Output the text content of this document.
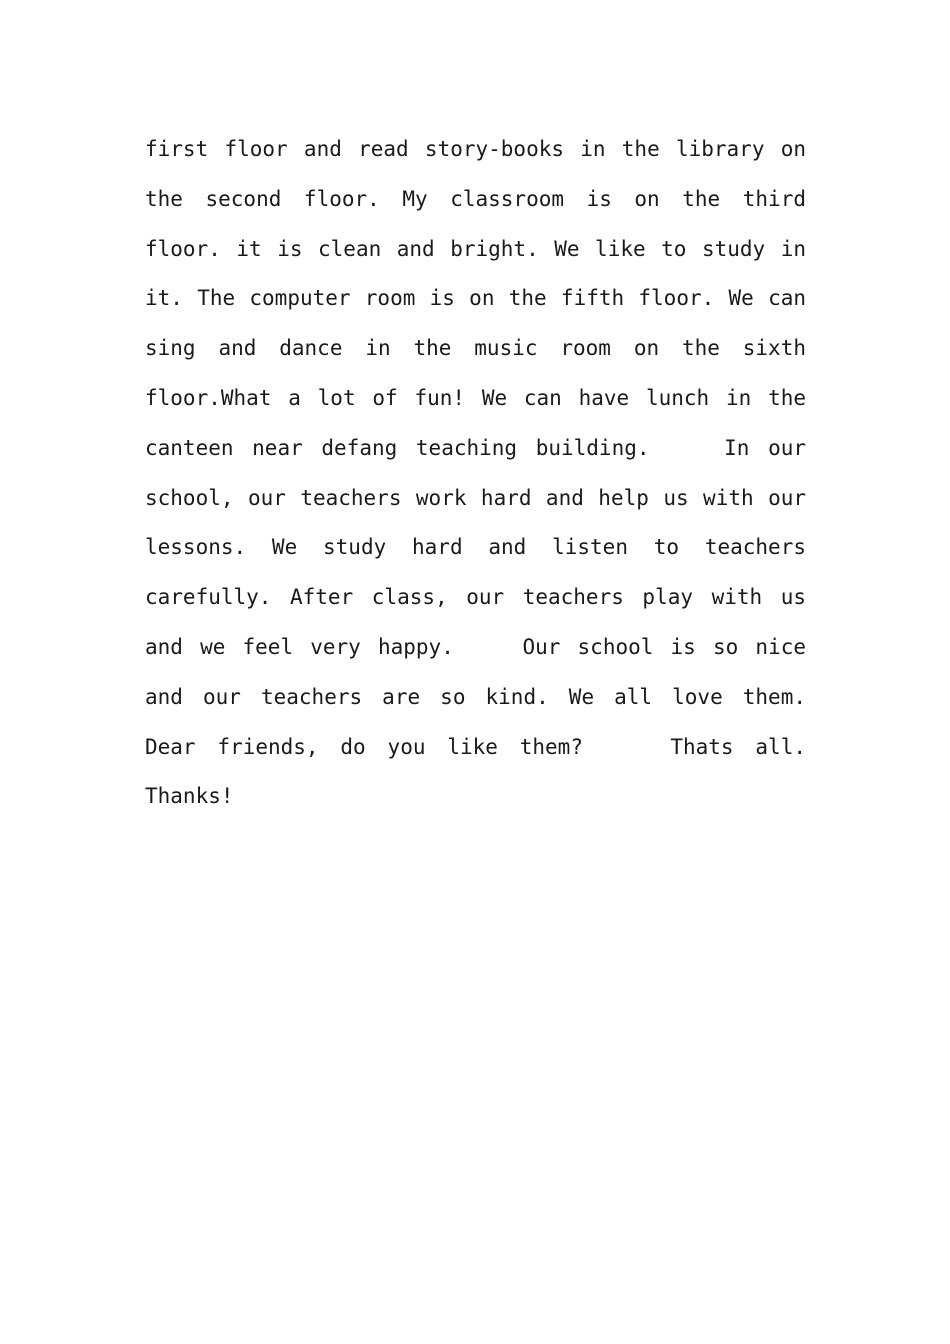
first floor and read story-books in the library on
the second floor. My classroom is on the third
floor. it is clean and bright. We like to study in
it. The computer room is on the fifth floor. We can
sing and dance in the music room on the sixth
floor.What a lot of fun! We can have lunch in the
canteen near defang teaching building.    In our
school, our teachers work hard and help us with our
lessons. We study hard and listen to teachers
carefully. After class, our teachers play with us
and we feel very happy.    Our school is so nice
and our teachers are so kind. We all love them.
Dear friends, do you like them?    Thats all.
Thanks!
